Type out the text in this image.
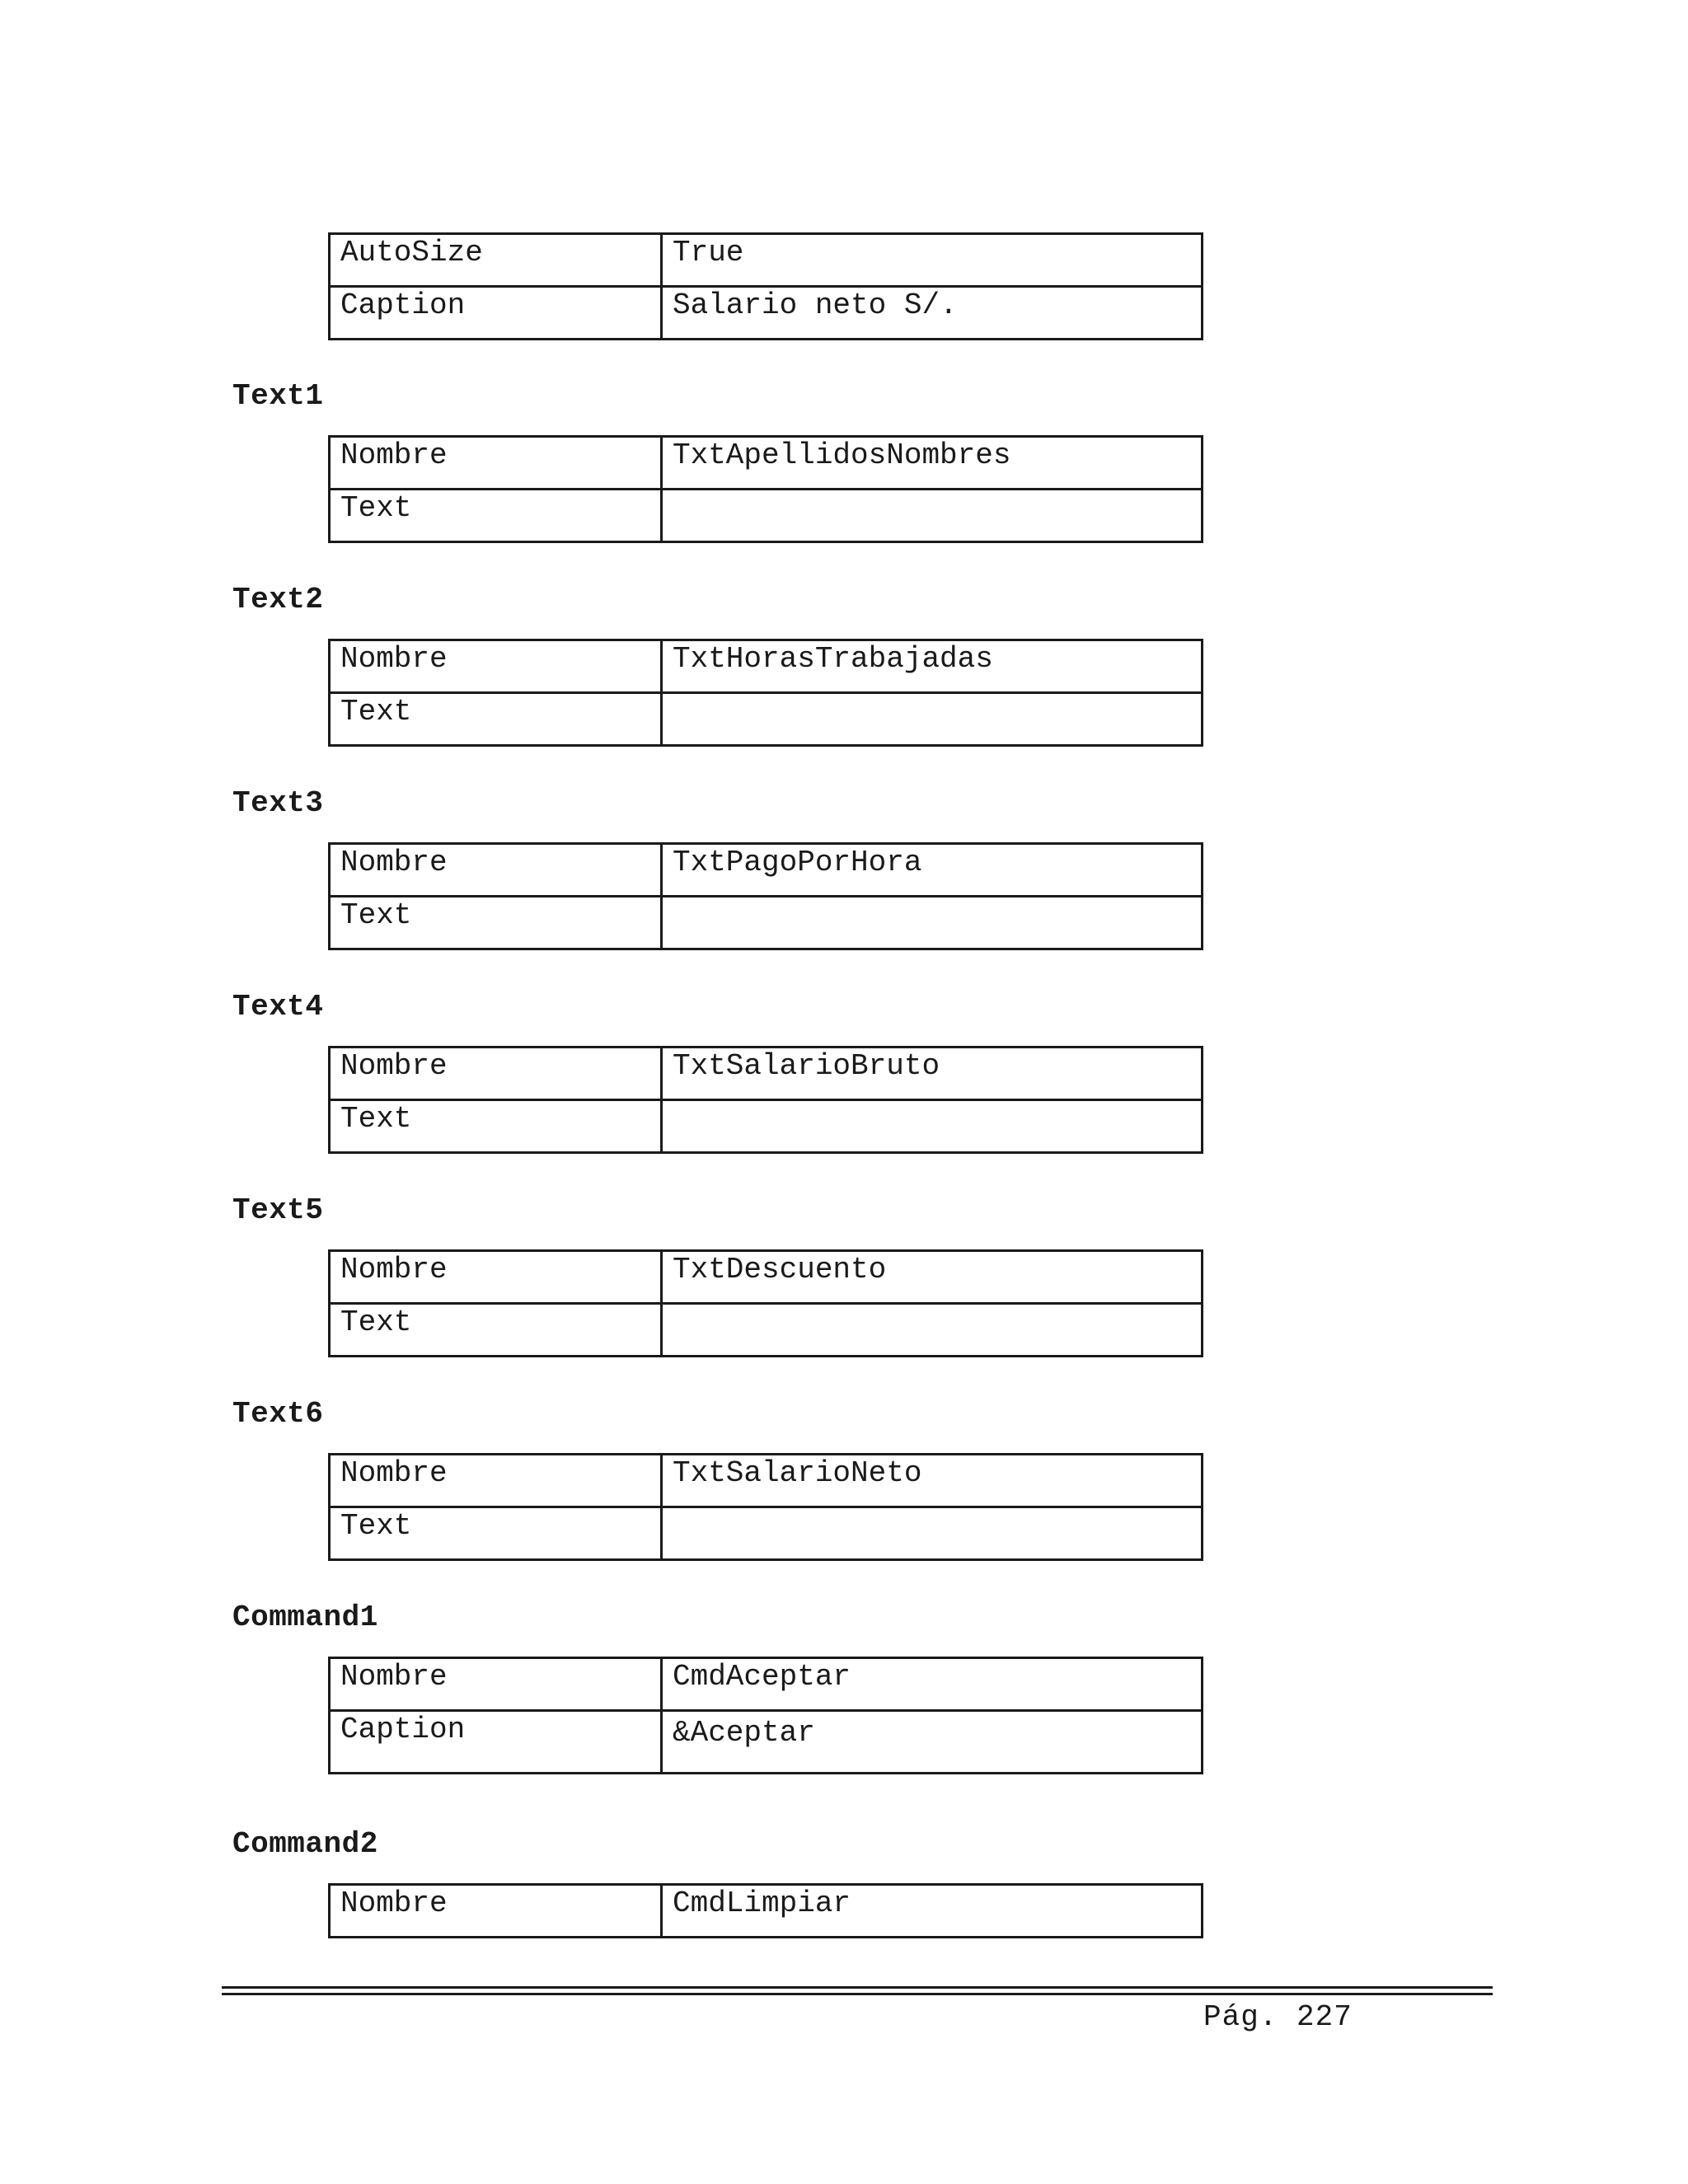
AutoSize	True
Caption	Salario neto S/.
Text1
Nombre	TxtApellidosNombres
Text	
Text2
Nombre	TxtHorasTrabajadas
Text	
Text3
Nombre	TxtPagoPorHora
Text	
Text4
Nombre	TxtSalarioBruto
Text	
Text5
Nombre	TxtDescuento
Text	
Text6
Nombre	TxtSalarioNeto
Text	
Command1
Nombre	CmdAceptar
Caption	&Aceptar
Command2
Nombre	CmdLimpiar
Pág. 227
